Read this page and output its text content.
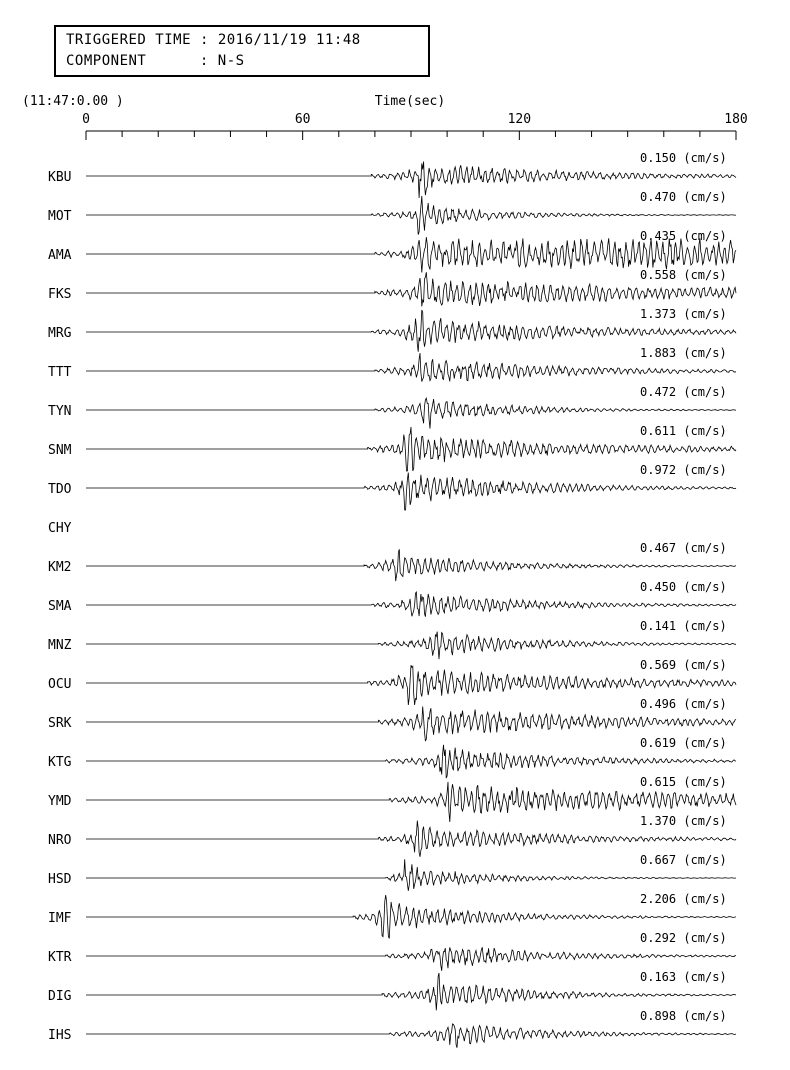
TRIGGERED TIME : 2016/11/19 11:48
COMPONENT      : N-S
(11:47:0.00 )	Time(sec)
0	60	120	180
KBU
0.150 (cm/s)
MOT
0.470 (cm/s)
AMA
0.435 (cm/s)
FKS
0.558 (cm/s)
MRG
1.373 (cm/s)
TTT
1.883 (cm/s)
TYN
0.472 (cm/s)
SNM
0.611 (cm/s)
TDO
0.972 (cm/s)
CHY
KM2
0.467 (cm/s)
SMA
0.450 (cm/s)
MNZ
0.141 (cm/s)
OCU
0.569 (cm/s)
SRK
0.496 (cm/s)
KTG
0.619 (cm/s)
YMD
0.615 (cm/s)
NRO
1.370 (cm/s)
HSD
0.667 (cm/s)
IMF
2.206 (cm/s)
KTR
0.292 (cm/s)
DIG
0.163 (cm/s)
IHS
0.898 (cm/s)
